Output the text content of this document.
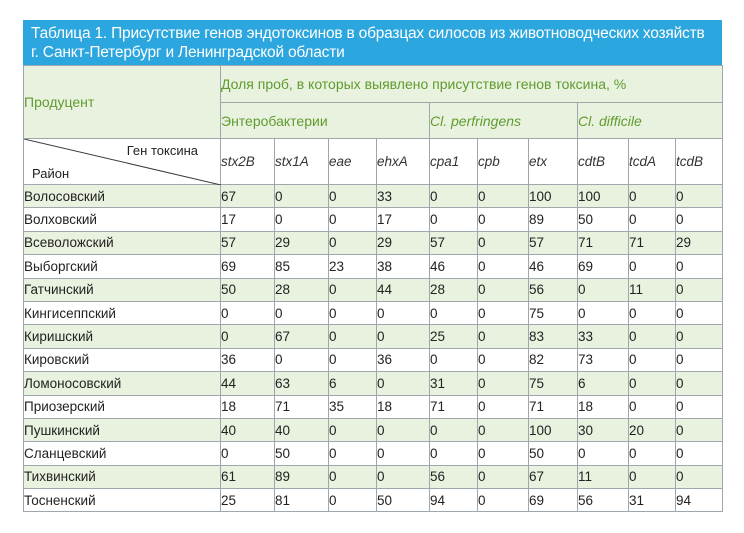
Таблица 1. Присутствие генов эндотоксинов в образцах силосов из животноводческих хозяйств
г. Санкт-Петербург и Ленинградской области
Продуцент	Доля проб, в которых выявлено присутствие генов токсина, %									
	Энтеробактерии				Cl. perfringens			Cl. difficile		

Ген токсина
Район	stx2B	stx1A	eae	ehxA	cpa1	cpb	etx	cdtB	tcdA	tcdB
Волосовский	67	0	0	33	0	0	100	100	0	0
Волховский	17	0	0	17	0	0	89	50	0	0
Всеволожский	57	29	0	29	57	0	57	71	71	29
Выборгский	69	85	23	38	46	0	46	69	0	0
Гатчинский	50	28	0	44	28	0	56	0	11	0
Кингисеппский	0	0	0	0	0	0	75	0	0	0
Киришский	0	67	0	0	25	0	83	33	0	0
Кировский	36	0	0	36	0	0	82	73	0	0
Ломоносовский	44	63	6	0	31	0	75	6	0	0
Приозерский	18	71	35	18	71	0	71	18	0	0
Пушкинский	40	40	0	0	0	0	100	30	20	0
Сланцевский	0	50	0	0	0	0	50	0	0	0
Тихвинский	61	89	0	0	56	0	67	11	0	0
Тосненский	25	81	0	50	94	0	69	56	31	94
